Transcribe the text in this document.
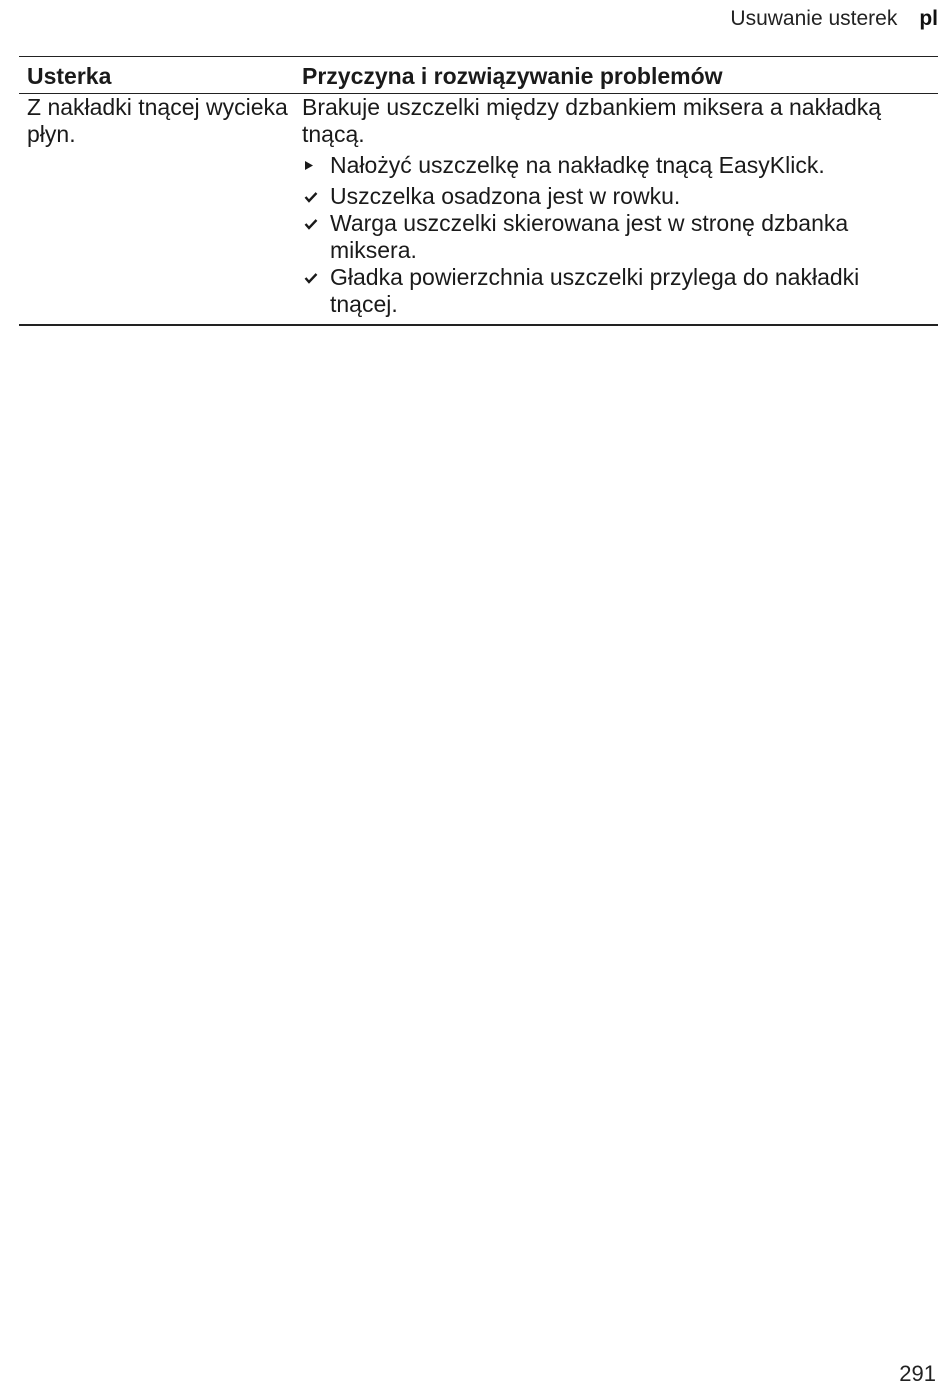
Usuwanie usterek pl
Usterka	Przyczyna i rozwiązywanie problemów
Z nakładki tnącej wycieka płyn.

Brakuje uszczelki między dzbankiem miksera a nakładką tnącą.

Nałożyć uszczelkę na nakładkę tnącą EasyKlick.
Uszczelka osadzona jest w rowku.
Warga uszczelki skierowana jest w stronę dzbanka miksera.
Gładka powierzchnia uszczelki przylega do nakładki tnącej.
291
